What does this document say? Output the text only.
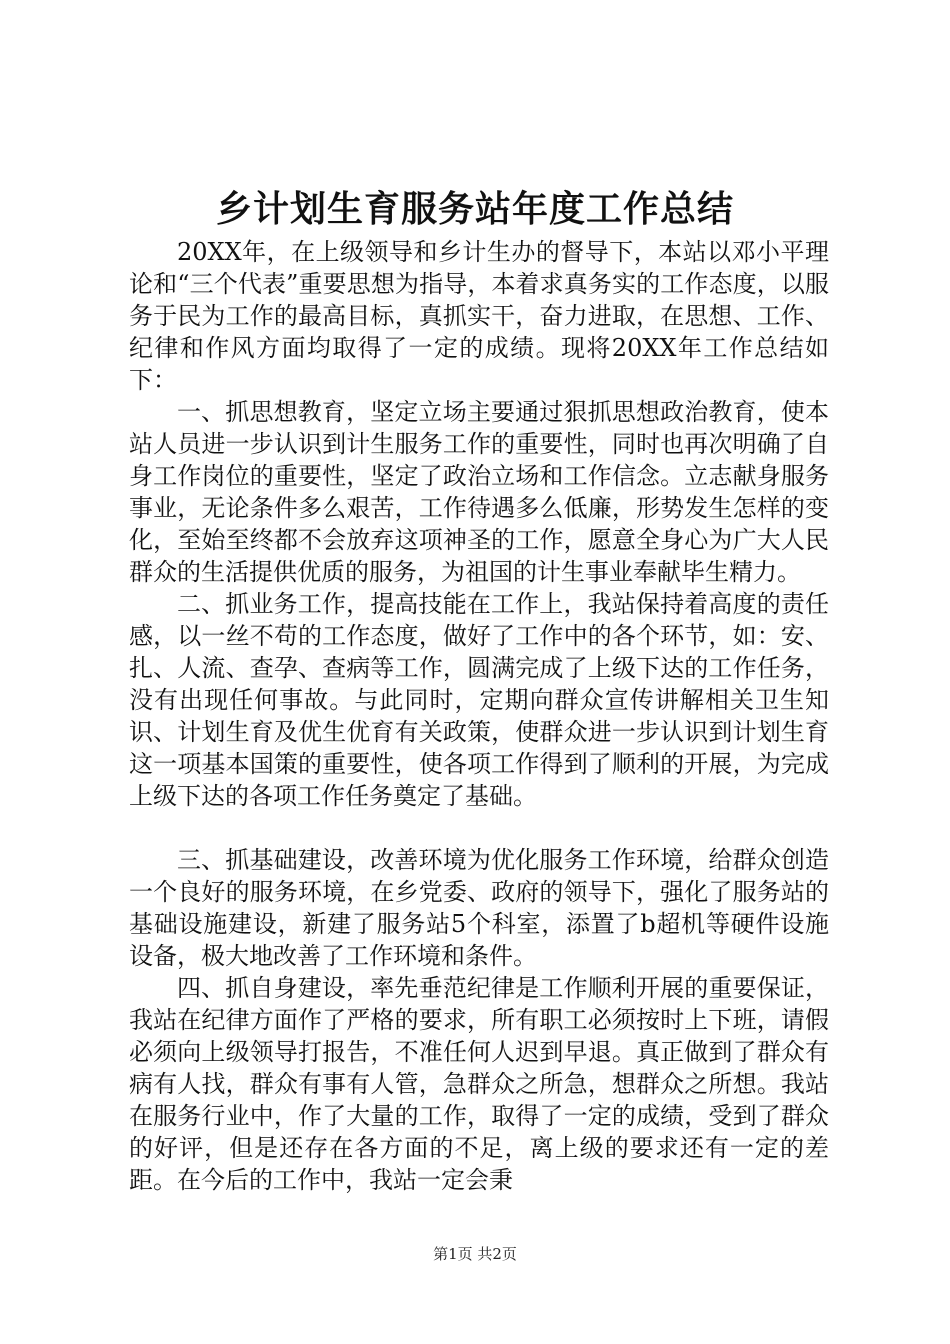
乡计划生育服务站年度工作总结

20XX年，在上级领导和乡计生办的督导下，本站以邓小平理论和“三个代表”重要思想为指导，本着求真务实的工作态度，以服务于民为工作的最高目标，真抓实干，奋力进取，在思想、工作、纪律和作风方面均取得了一定的成绩。现将20XX年工作总结如下：

一、抓思想教育，坚定立场主要通过狠抓思想政治教育，使本站人员进一步认识到计生服务工作的重要性，同时也再次明确了自身工作岗位的重要性，坚定了政治立场和工作信念。立志献身服务事业，无论条件多么艰苦，工作待遇多么低廉，形势发生怎样的变化，至始至终都不会放弃这项神圣的工作，愿意全身心为广大人民群众的生活提供优质的服务，为祖国的计生事业奉献毕生精力。

二、抓业务工作，提高技能在工作上，我站保持着高度的责任感，以一丝不苟的工作态度，做好了工作中的各个环节，如：安、扎、人流、查孕、查病等工作，圆满完成了上级下达的工作任务，没有出现任何事故。与此同时，定期向群众宣传讲解相关卫生知识、计划生育及优生优育有关政策，使群众进一步认识到计划生育这一项基本国策的重要性，使各项工作得到了顺利的开展，为完成上级下达的各项工作任务奠定了基础。

三、抓基础建设，改善环境为优化服务工作环境，给群众创造一个良好的服务环境，在乡党委、政府的领导下，强化了服务站的基础设施建设，新建了服务站5个科室，添置了b超机等硬件设施设备，极大地改善了工作环境和条件。

四、抓自身建设，率先垂范纪律是工作顺利开展的重要保证，我站在纪律方面作了严格的要求，所有职工必须按时上下班，请假必须向上级领导打报告，不准任何人迟到早退。真正做到了群众有病有人找，群众有事有人管，急群众之所急，想群众之所想。我站在服务行业中，作了大量的工作，取得了一定的成绩，受到了群众的好评，但是还存在各方面的不足，离上级的要求还有一定的差距。在今后的工作中，我站一定会秉

第1页 共2页
